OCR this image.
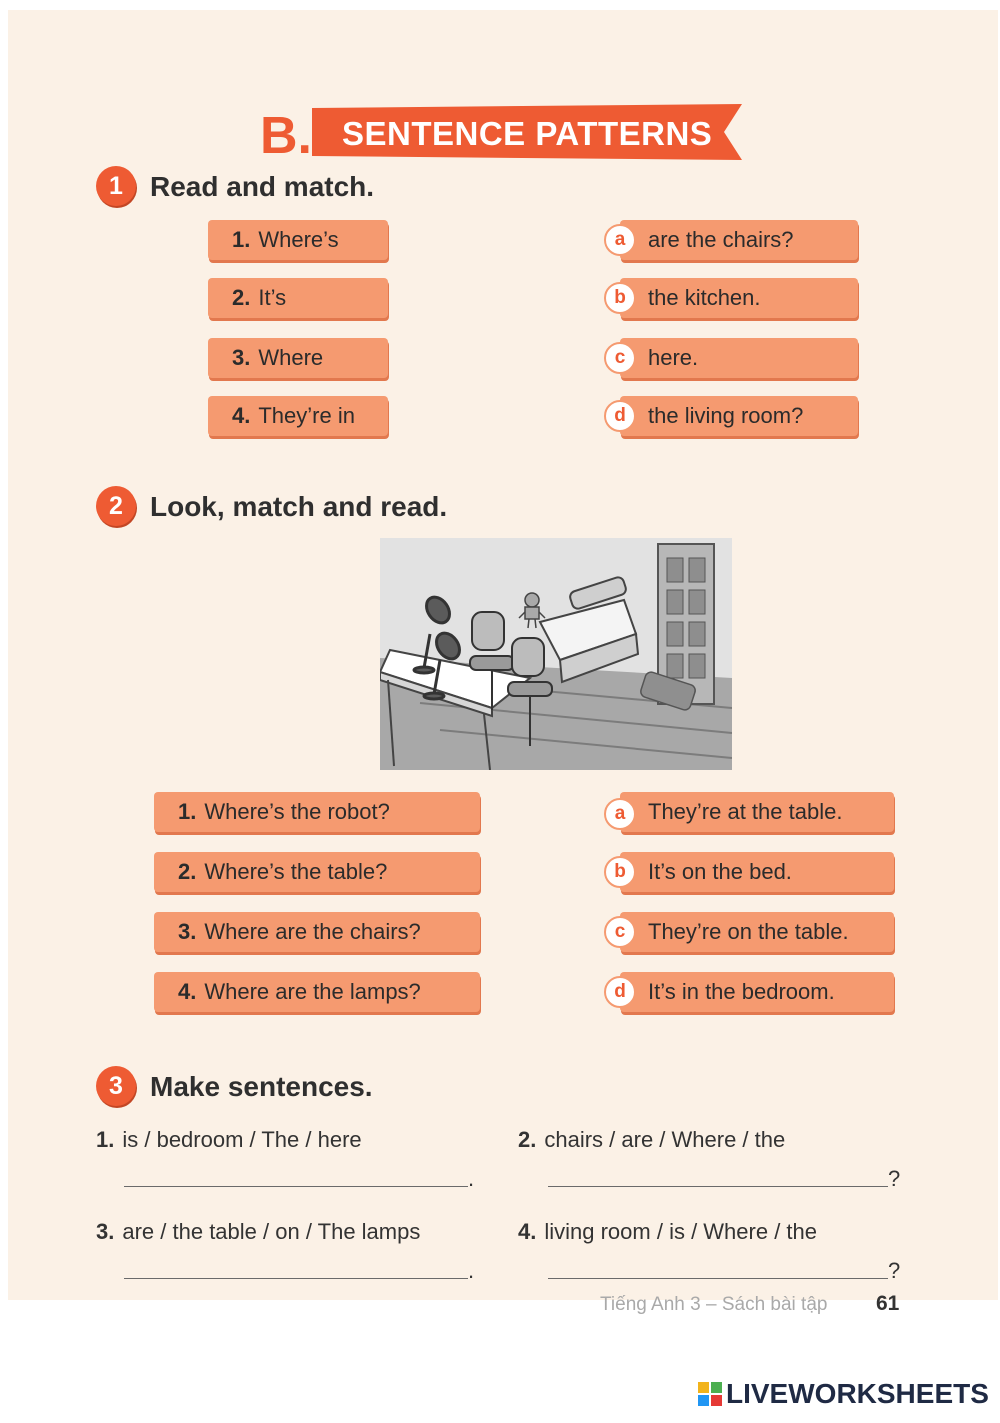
B. SENTENCE PATTERNS
1 Read and match.
1. Where’s
2. It’s
3. Where
4. They’re in
are the chairs?
a
the kitchen.
b
here.
c
the living room?
d
2 Look, match and read.
1. Where’s the robot?
2. Where’s the table?
3. Where are the chairs?
4. Where are the lamps?
They’re at the table.
a
It’s on the bed.
b
They’re on the table.
c
It’s in the bedroom.
d
3 Make sentences.
1. is / bedroom / The / here
.
2. chairs / are / Where / the
?
3. are / the table / on / The lamps
.
4. living room / is / Where / the
?
Tiếng Anh 3 – Sách bài tập 61
LIVEWORKSHEETS
